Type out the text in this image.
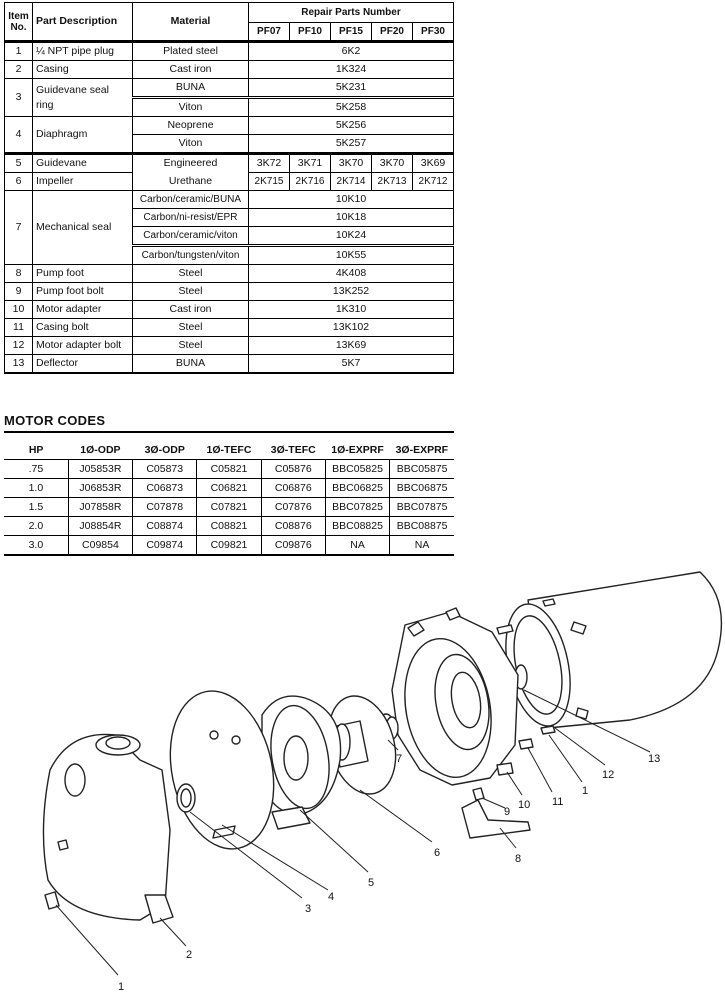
Item
No.	Part Description	Material	Repair Parts Number				
			PF07	PF10	PF15	PF20	PF30
1	¼ NPT pipe plug	Plated steel	6K2				
2	Casing	Cast iron	1K324				
3	Guidevane seal ring	BUNA	5K231				
		Viton	5K258				
4	Diaphragm	Neoprene	5K256				
		Viton	5K257				
5	Guidevane	Engineered	3K72	3K71	3K70	3K70	3K69
6	Impeller	Urethane	2K715	2K716	2K714	2K713	2K712
7	Mechanical seal	Carbon/ceramic/BUNA	10K10				
		Carbon/ni-resist/EPR	10K18				
		Carbon/ceramic/viton	10K24				
		Carbon/tungsten/viton	10K55				
8	Pump foot	Steel	4K408				
9	Pump foot bolt	Steel	13K252				
10	Motor adapter	Cast iron	1K310				
11	Casing bolt	Steel	13K102				
12	Motor adapter bolt	Steel	13K69				
13	Deflector	BUNA	5K7				
MOTOR CODES
HP	1Ø-ODP	3Ø-ODP	1Ø-TEFC	3Ø-TEFC	1Ø-EXPRF	3Ø-EXPRF
.75	J05853R	C05873	C05821	C05876	BBC05825	BBC05875
1.0	J06853R	C06873	C06821	C06876	BBC06825	BBC06875
1.5	J07858R	C07878	C07821	C07876	BBC07825	BBC07875
2.0	J08854R	C08874	C08821	C08876	BBC08825	BBC08875
3.0	C09854	C09874	C09821	C09876	NA	NA
1
2
3
4
5
6
7
8
9
10 11
1
12
13
